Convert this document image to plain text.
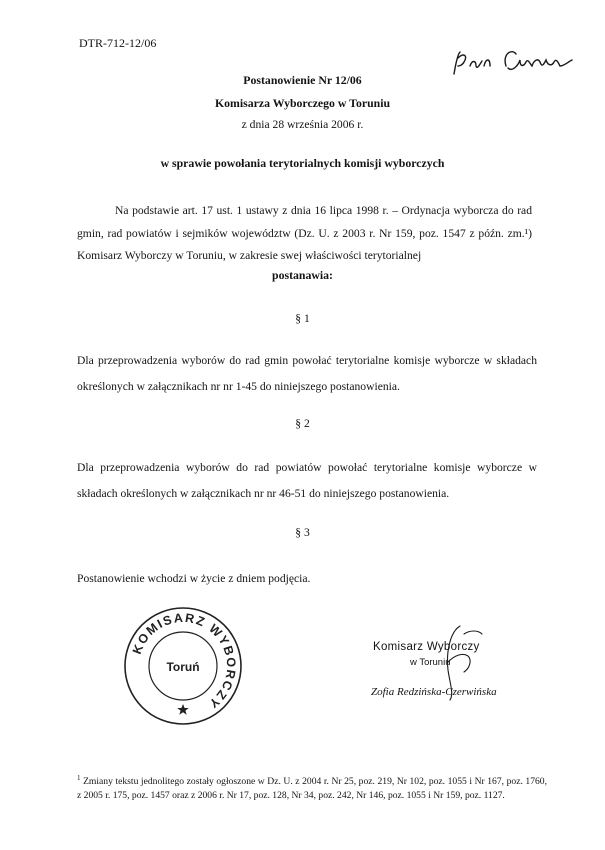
DTR-712-12/06
Postanowienie Nr 12/06
Komisarza Wyborczego w Toruniu
z dnia 28 września 2006 r.
w sprawie powołania terytorialnych komisji wyborczych
Na podstawie art. 17 ust. 1 ustawy z dnia 16 lipca 1998 r. – Ordynacja wyborcza do rad gmin, rad powiatów i sejmików województw (Dz. U. z 2003 r. Nr 159, poz. 1547 z późn. zm.¹) Komisarz Wyborczy w Toruniu, w zakresie swej właściwości terytorialnej
postanawia:
§ 1
Dla przeprowadzenia wyborów do rad gmin powołać terytorialne komisje wyborcze w składach określonych w załącznikach nr nr 1-45 do niniejszego postanowienia.
§ 2
Dla przeprowadzenia wyborów do rad powiatów powołać terytorialne komisje wyborcze w składach określonych w załącznikach nr nr 46-51 do niniejszego postanowienia.
§ 3
Postanowienie wchodzi w życie z dniem podjęcia.
KOMISARZ WYBORCZY
Toruń
Komisarz Wyborczy
w Toruniu
Zofia Redzińska-Czerwińska
$^1$ Zmiany tekstu jednolitego zostały ogłoszone w Dz. U. z 2004 r. Nr 25, poz. 219, Nr 102, poz. 1055 i Nr 167, poz. 1760, z 2005 r. 175, poz. 1457 oraz z 2006 r. Nr 17, poz. 128, Nr 34, poz. 242, Nr 146, poz. 1055 i Nr 159, poz. 1127.
